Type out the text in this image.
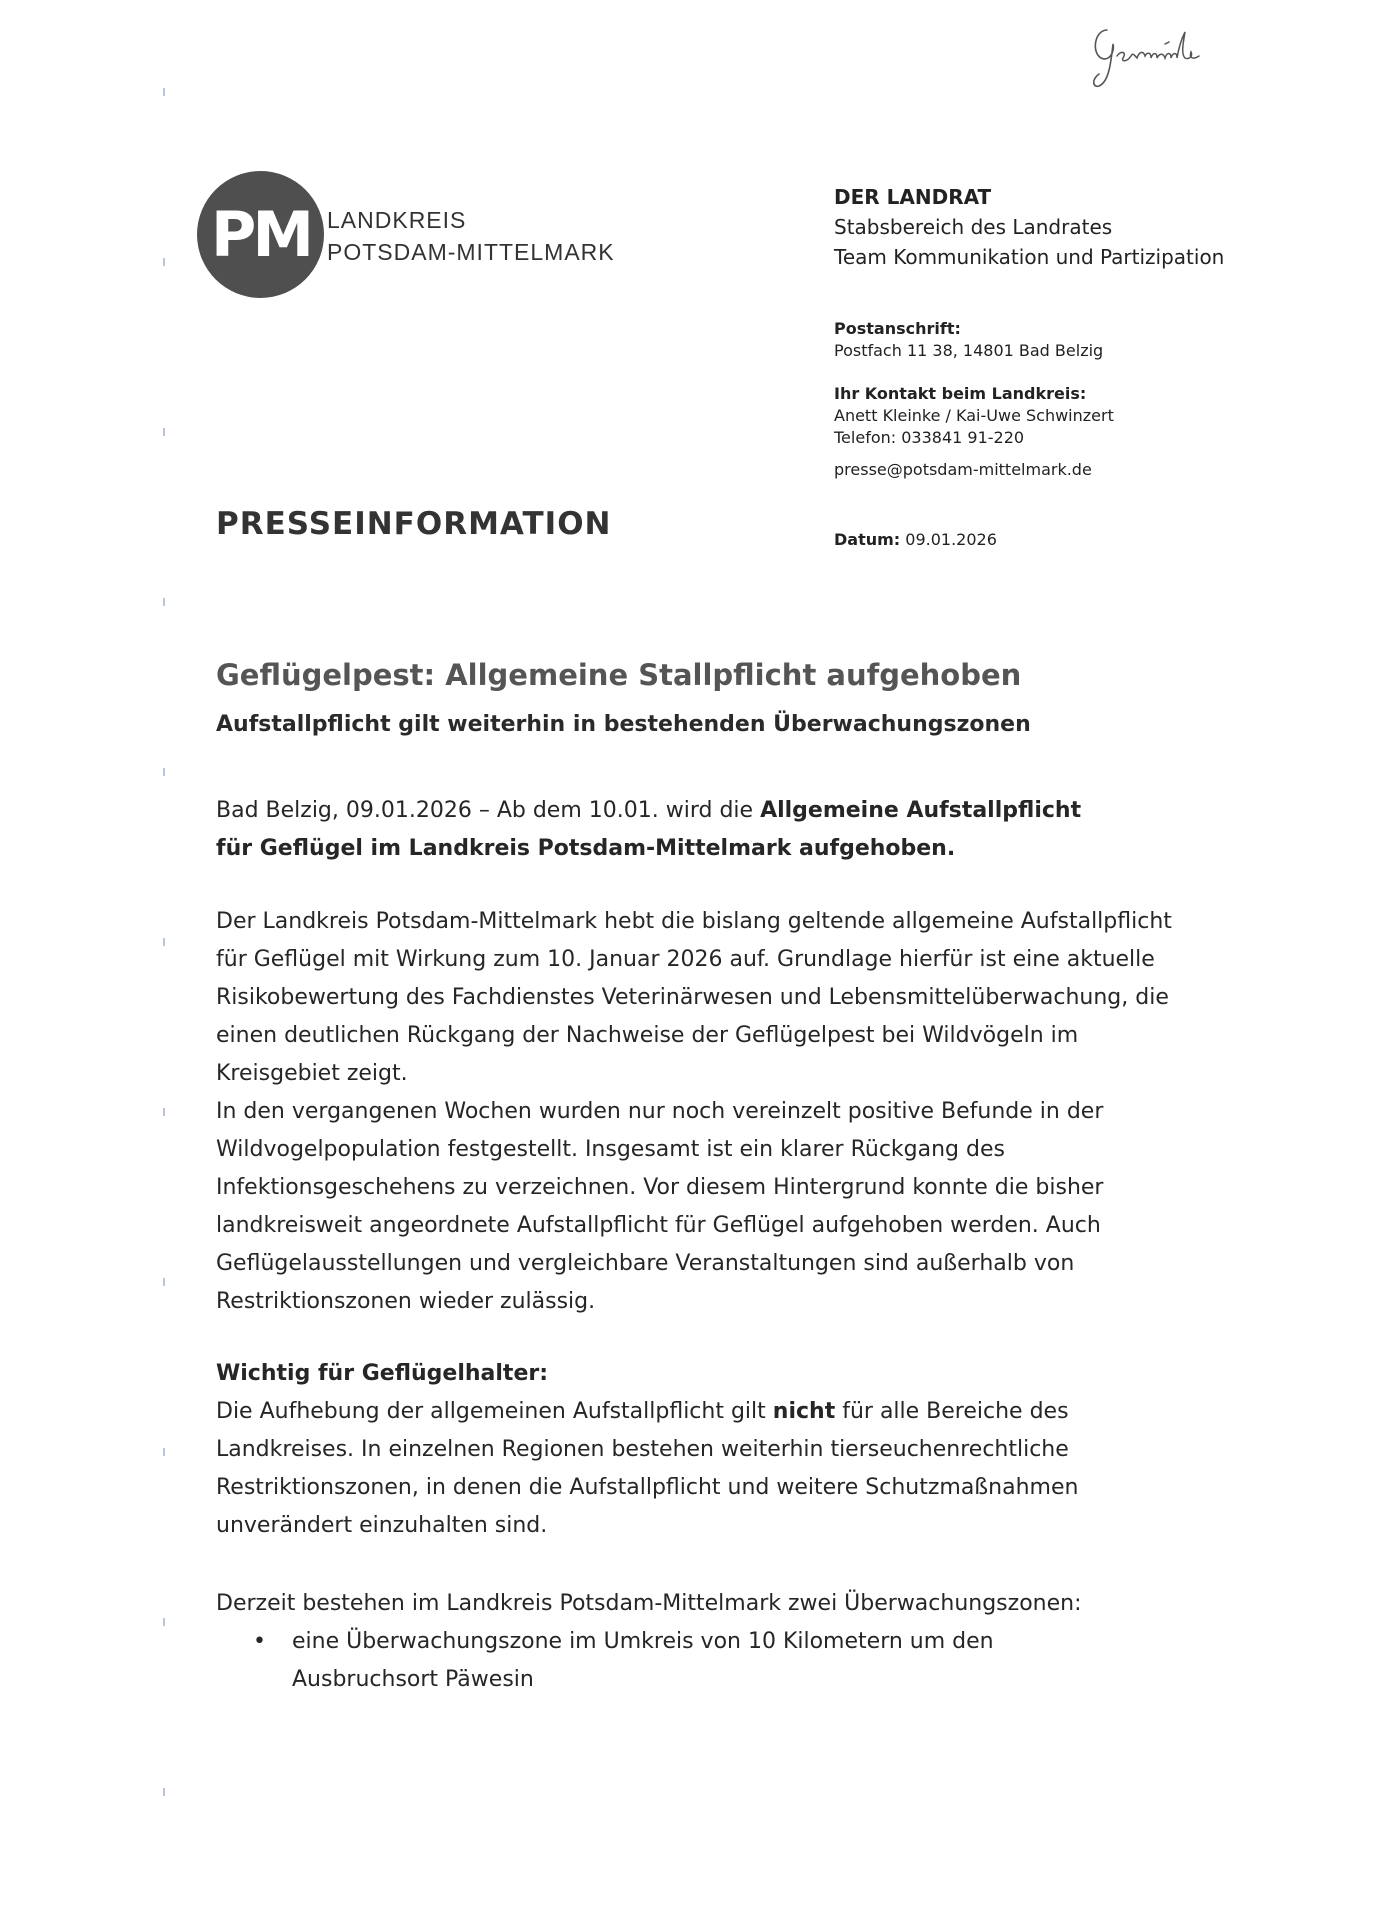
PM LANDKREIS
POTSDAM-MITTELMARK
DER LANDRAT
Stabsbereich des Landrates
Team Kommunikation und Partizipation
Postanschrift:
Postfach 11 38, 14801 Bad Belzig
Ihr Kontakt beim Landkreis:
Anett Kleinke / Kai-Uwe Schwinzert
Telefon: 033841 91-220
presse@potsdam-mittelmark.de
PRESSEINFORMATION	Datum: 09.01.2026
Geflügelpest: Allgemeine Stallpflicht aufgehoben
Aufstallpflicht gilt weiterhin in bestehenden Überwachungszonen

Bad Belzig, 09.01.2026 – Ab dem 10.01. wird die Allgemeine Aufstallpflicht für Geflügel im Landkreis Potsdam-Mittelmark aufgehoben.

Der Landkreis Potsdam-Mittelmark hebt die bislang geltende allgemeine Aufstallpflicht für Geflügel mit Wirkung zum 10. Januar 2026 auf. Grundlage hierfür ist eine aktuelle Risikobewertung des Fachdienstes Veterinärwesen und Lebensmittelüberwachung, die einen deutlichen Rückgang der Nachweise der Geflügelpest bei Wildvögeln im Kreisgebiet zeigt.

In den vergangenen Wochen wurden nur noch vereinzelt positive Befunde in der Wildvogelpopulation festgestellt. Insgesamt ist ein klarer Rückgang des Infektionsgeschehens zu verzeichnen. Vor diesem Hintergrund konnte die bisher landkreisweit angeordnete Aufstallpflicht für Geflügel aufgehoben werden. Auch Geflügelausstellungen und vergleichbare Veranstaltungen sind außerhalb von Restriktionszonen wieder zulässig.

Wichtig für Geflügelhalter:

Die Aufhebung der allgemeinen Aufstallpflicht gilt nicht für alle Bereiche des Landkreises. In einzelnen Regionen bestehen weiterhin tierseuchenrechtliche Restriktionszonen, in denen die Aufstallpflicht und weitere Schutzmaßnahmen unverändert einzuhalten sind.

Derzeit bestehen im Landkreis Potsdam-Mittelmark zwei Überwachungszonen:

• eine Überwachungszone im Umkreis von 10 Kilometern um den Ausbruchsort Päwesin
